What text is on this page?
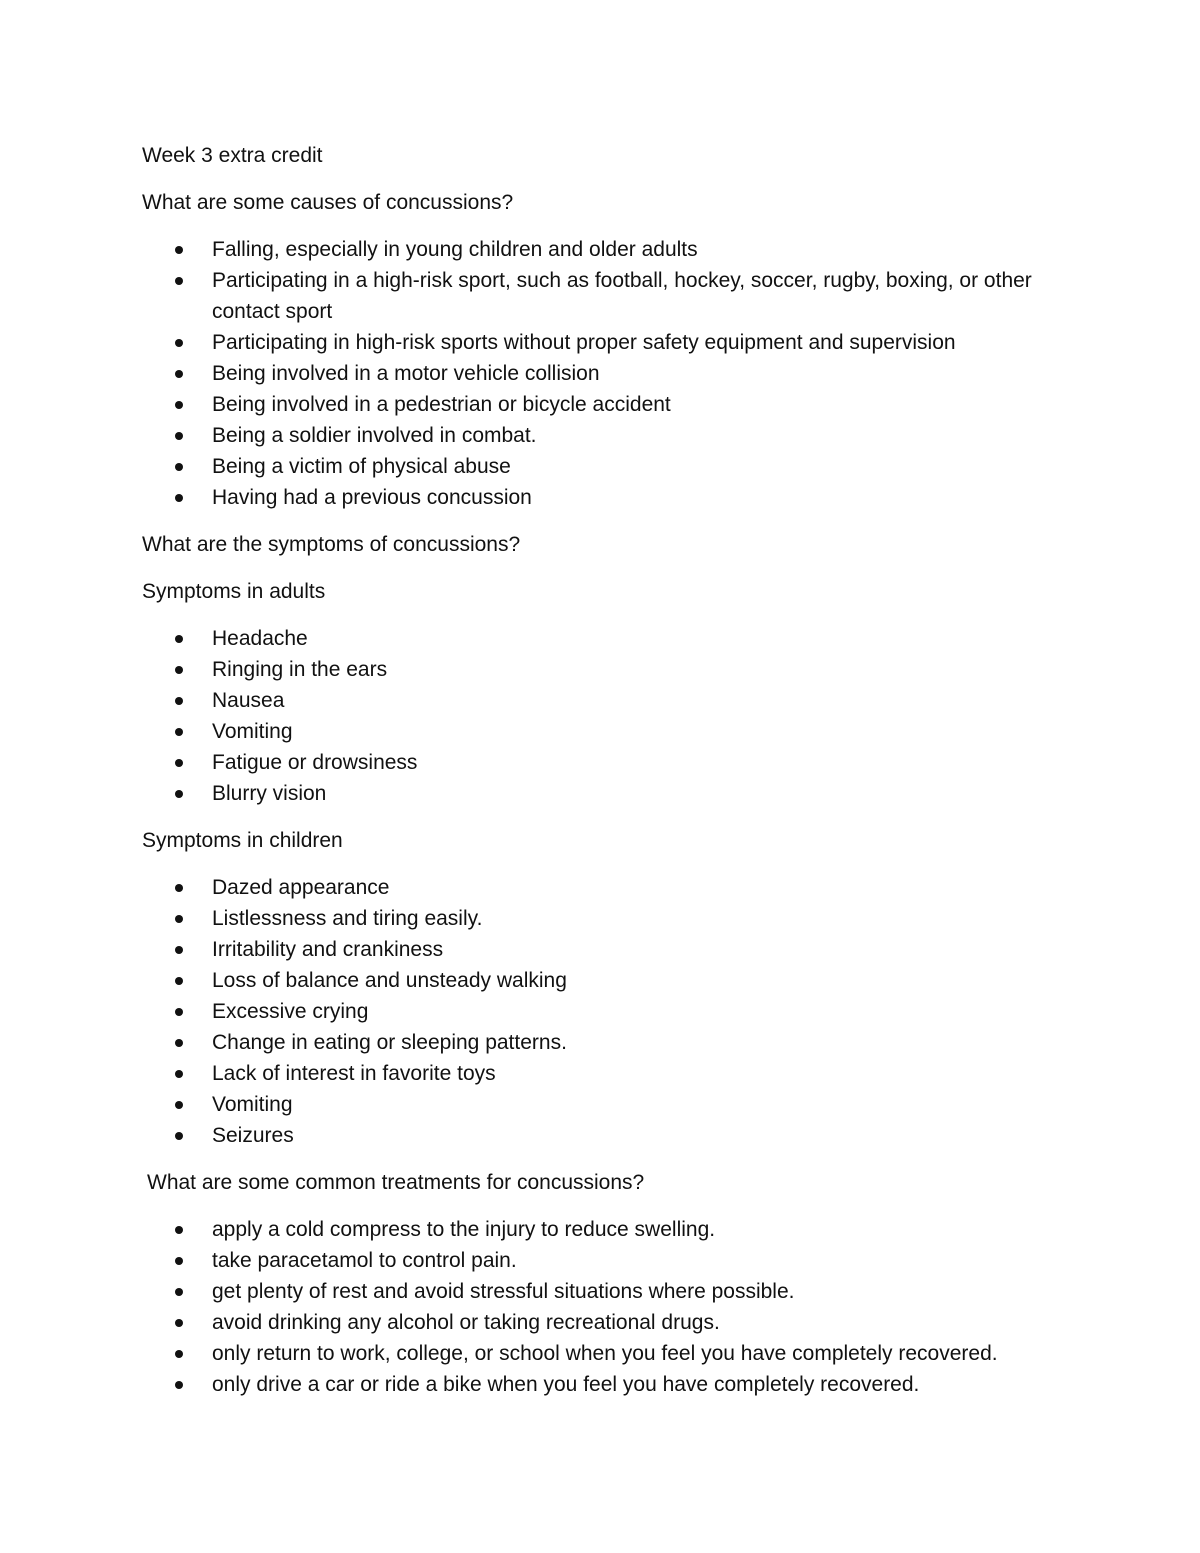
Week 3 extra credit

What are some causes of concussions?

Falling, especially in young children and older adults
Participating in a high-risk sport, such as football, hockey, soccer, rugby, boxing, or other contact sport
Participating in high-risk sports without proper safety equipment and supervision
Being involved in a motor vehicle collision
Being involved in a pedestrian or bicycle accident
Being a soldier involved in combat.
Being a victim of physical abuse
Having had a previous concussion

What are the symptoms of concussions?

Symptoms in adults

Headache
Ringing in the ears
Nausea
Vomiting
Fatigue or drowsiness
Blurry vision

Symptoms in children

Dazed appearance
Listlessness and tiring easily.
Irritability and crankiness
Loss of balance and unsteady walking
Excessive crying
Change in eating or sleeping patterns.
Lack of interest in favorite toys
Vomiting
Seizures

What are some common treatments for concussions?

apply a cold compress to the injury to reduce swelling.
take paracetamol to control pain.
get plenty of rest and avoid stressful situations where possible.
avoid drinking any alcohol or taking recreational drugs.
only return to work, college, or school when you feel you have completely recovered.
only drive a car or ride a bike when you feel you have completely recovered.
